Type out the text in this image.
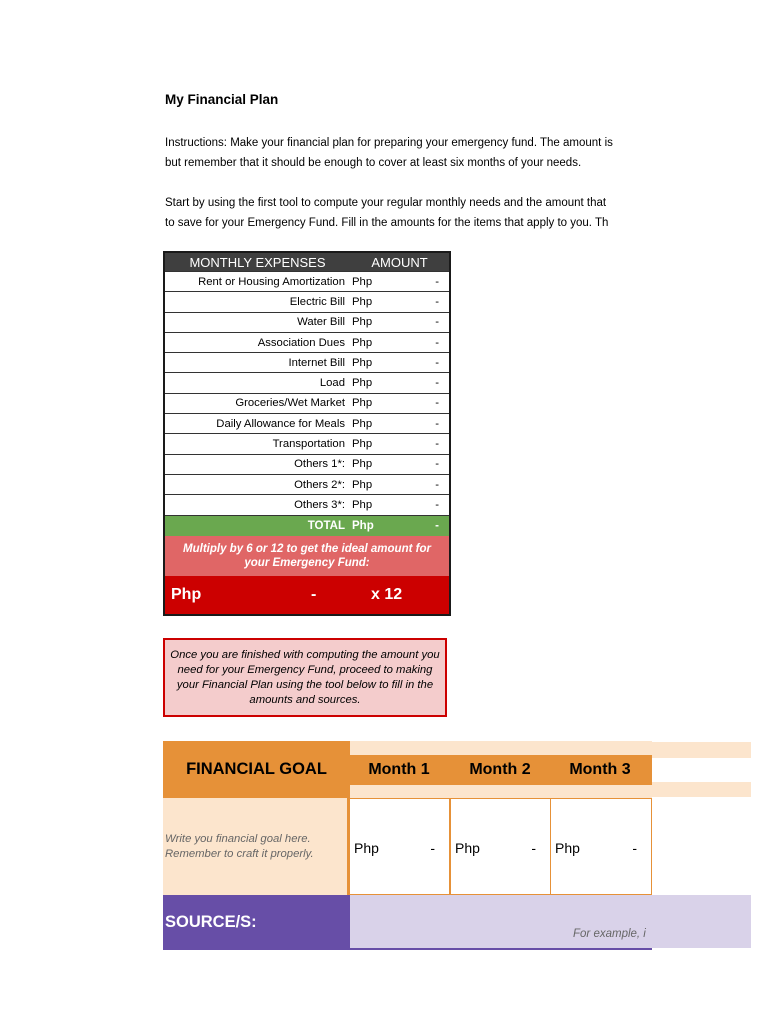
My Financial Plan
Instructions: Make your financial plan for preparing your emergency fund. The amount is
but remember that it should be enough to cover at least six months of your needs.
Start by using the first tool to compute your regular monthly needs and the amount that
to save for your Emergency Fund. Fill in the amounts for the items that apply to you. Th
MONTHLY EXPENSES	AMOUNT
Rent or Housing Amortization Php	-
Electric Bill Php	-
Water Bill Php	-
Association Dues Php	-
Internet Bill Php	-
Load Php	-
Groceries/Wet Market Php	-
Daily Allowance for Meals Php	-
Transportation Php	-
Others 1*: Php	-
Others 2*: Php	-
Others 3*: Php	-
TOTAL Php	-
Multiply by 6 or 12 to get the ideal amount for your Emergency Fund:
Php	-	x 12
Once you are finished with computing the amount you need for your Emergency Fund, proceed to making your Financial Plan using the tool below to fill in the amounts and sources.
FINANCIAL GOAL	Month 1	Month 2	Month 3
Write you financial goal here.
Remember to craft it properly.	Php	- Php	- Php	-
SOURCE/S:
For example, i
